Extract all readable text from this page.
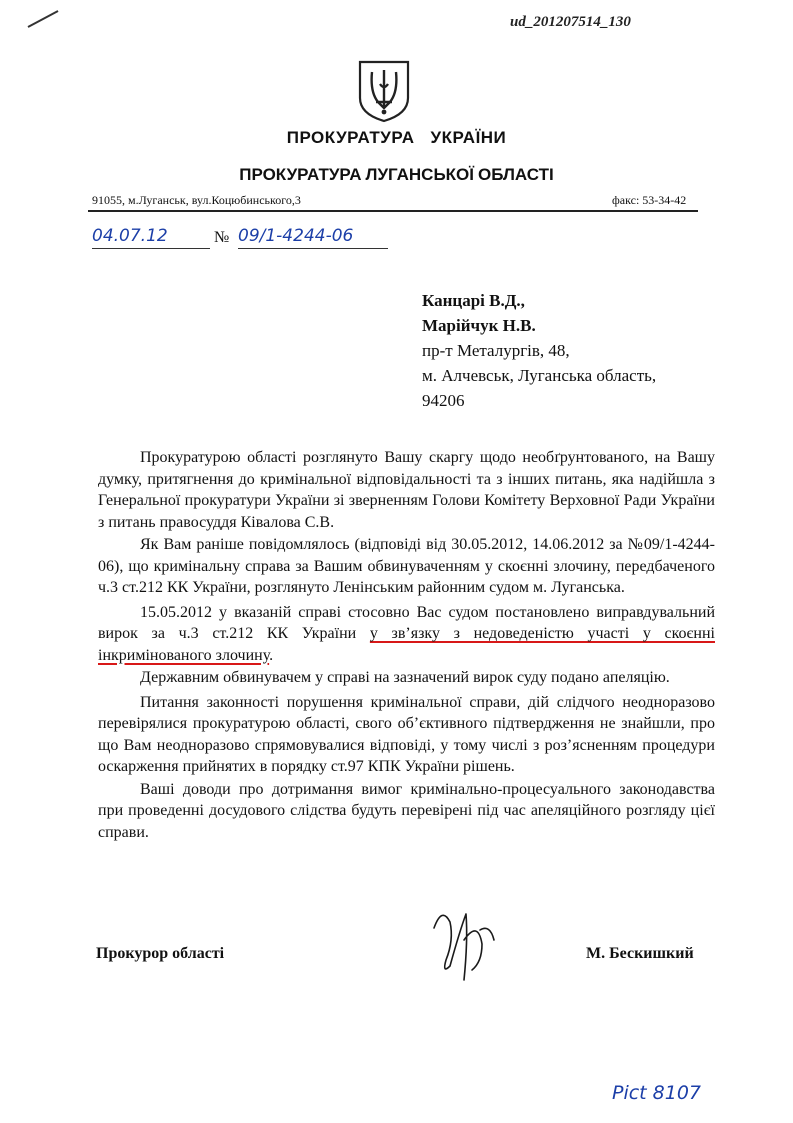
ud_201207514_130
ПРОКУРАТУРА УКРАЇНИ
ПРОКУРАТУРА ЛУГАНСЬКОЇ ОБЛАСТІ
91055, м.Луганськ, вул.Коцюбинського,3	факс: 53-34-42
04.07.12	№ 09/1-4244-06
Канцарі В.Д.,
Марійчук Н.В.
пр-т Металургів, 48,
м. Алчевськ, Луганська область,
94206

Прокуратурою області розглянуто Вашу скаргу щодо необґрунтованого, на Вашу думку, притягнення до кримінальної відповідальності та з інших питань, яка надійшла з Генеральної прокуратури України зі зверненням Голови Комітету Верховної Ради України з питань правосуддя Ківалова С.В.

Як Вам раніше повідомлялось (відповіді від 30.05.2012, 14.06.2012 за №09/1-4244-06), що кримінальну справа за Вашим обвинуваченням у скоєнні злочину, передбаченого ч.3 ст.212 КК України, розглянуто Ленінським районним судом м. Луганська.

15.05.2012 у вказаній справі стосовно Вас судом постановлено виправдувальний вирок за ч.3 ст.212 КК України у зв’язку з недоведеністю участі у скоєнні інкримінованого злочину.

Державним обвинувачем у справі на зазначений вирок суду подано апеляцію.

Питання законності порушення кримінальної справи, дій слідчого неодноразово перевірялися прокуратурою області, свого об’єктивного підтвердження не знайшли, про що Вам неодноразово спрямовувалися відповіді, у тому числі з роз’ясненням процедури оскарження прийнятих в порядку ст.97 КПК України рішень.

Ваші доводи про дотримання вимог кримінально-процесуального законодавства при проведенні досудового слідства будуть перевірені під час апеляційного розгляду цієї справи.

Прокурор області	М. Бескишкий
Pict 8107
